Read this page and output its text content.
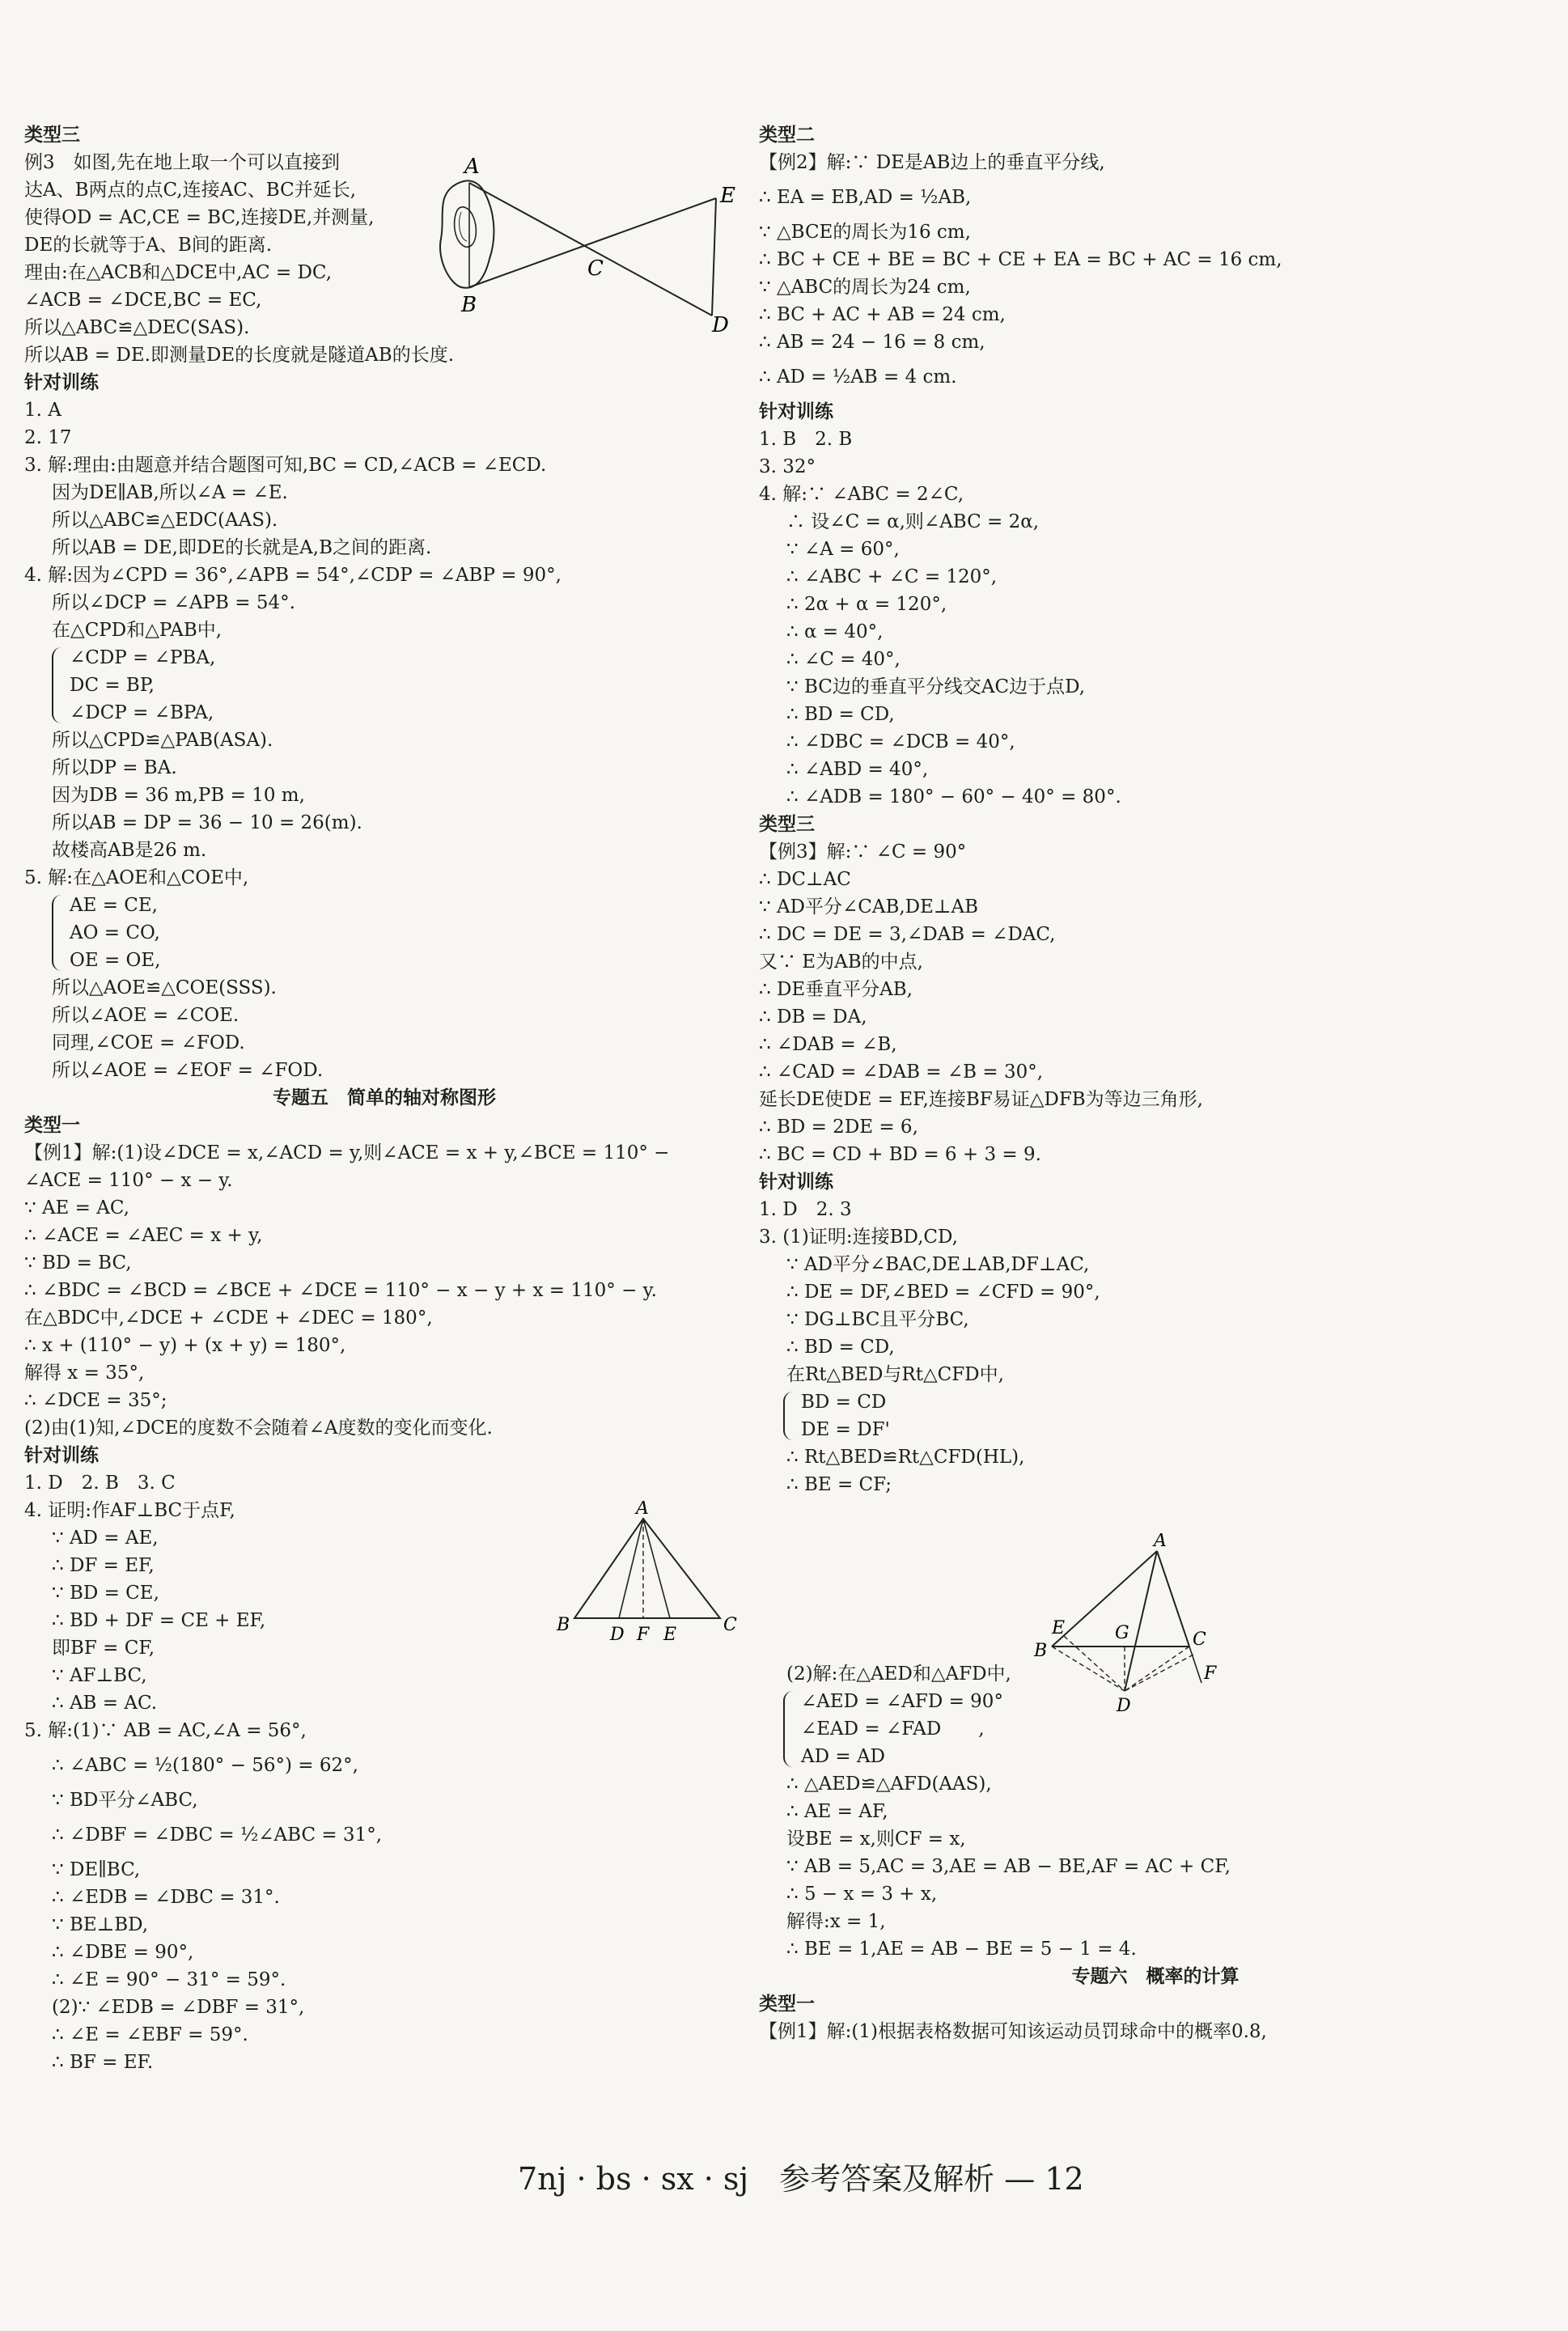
类型三
例3　如图,先在地上取一个可以直接到
达A、B两点的点C,连接AC、BC并延长,
使得OD = AC,CE = BC,连接DE,并测量,
DE的长就等于A、B间的距离.
理由:在△ACB和△DCE中,AC = DC,
∠ACB = ∠DCE,BC = EC,
所以△ABC≌△DEC(SAS).
所以AB = DE.即测量DE的长度就是隧道AB的长度.
针对训练
1. A
2. 17
3. 解:理由:由题意并结合题图可知,BC = CD,∠ACB = ∠ECD.
因为DE∥AB,所以∠A = ∠E.
所以△ABC≌△EDC(AAS).
所以AB = DE,即DE的长就是A,B之间的距离.
4. 解:因为∠CPD = 36°,∠APB = 54°,∠CDP = ∠ABP = 90°,
所以∠DCP = ∠APB = 54°.
在△CPD和△PAB中,
∠CDP = ∠PBA,
DC = BP,
∠DCP = ∠BPA,
所以△CPD≌△PAB(ASA).
所以DP = BA.
因为DB = 36 m,PB = 10 m,
所以AB = DP = 36 − 10 = 26(m).
故楼高AB是26 m.
5. 解:在△AOE和△COE中,
AE = CE,
AO = CO,
OE = OE,
所以△AOE≌△COE(SSS).
所以∠AOE = ∠COE.
同理,∠COE = ∠FOD.
所以∠AOE = ∠EOF = ∠FOD.
专题五　简单的轴对称图形
类型一
【例1】解:(1)设∠DCE = x,∠ACD = y,则∠ACE = x + y,∠BCE = 110° −
∠ACE = 110° − x − y.
∵ AE = AC,
∴ ∠ACE = ∠AEC = x + y,
∵ BD = BC,
∴ ∠BDC = ∠BCD = ∠BCE + ∠DCE = 110° − x − y + x = 110° − y.
在△BDC中,∠DCE + ∠CDE + ∠DEC = 180°,
∴ x + (110° − y) + (x + y) = 180°,
解得 x = 35°,
∴ ∠DCE = 35°;
(2)由(1)知,∠DCE的度数不会随着∠A度数的变化而变化.
针对训练
1. D　2. B　3. C
4. 证明:作AF⊥BC于点F,
∵ AD = AE,
∴ DF = EF,
∵ BD = CE,
∴ BD + DF = CE + EF,
即BF = CF,
∵ AF⊥BC,
∴ AB = AC.
5. 解:(1)∵ AB = AC,∠A = 56°,
∴ ∠ABC = ½(180° − 56°) = 62°,
∵ BD平分∠ABC,
∴ ∠DBF = ∠DBC = ½∠ABC = 31°,
∵ DE∥BC,
∴ ∠EDB = ∠DBC = 31°.
∵ BE⊥BD,
∴ ∠DBE = 90°,
∴ ∠E = 90° − 31° = 59°.
(2)∵ ∠EDB = ∠DBF = 31°,
∴ ∠E = ∠EBF = 59°.
∴ BF = EF.
类型二
【例2】解:∵ DE是AB边上的垂直平分线,
∴ EA = EB,AD = ½AB,
∵ △BCE的周长为16 cm,
∴ BC + CE + BE = BC + CE + EA = BC + AC = 16 cm,
∵ △ABC的周长为24 cm,
∴ BC + AC + AB = 24 cm,
∴ AB = 24 − 16 = 8 cm,
∴ AD = ½AB = 4 cm.
针对训练
1. B　2. B
3. 32°
4. 解:∵ ∠ABC = 2∠C,
∴ 设∠C = α,则∠ABC = 2α,
∵ ∠A = 60°,
∴ ∠ABC + ∠C = 120°,
∴ 2α + α = 120°,
∴ α = 40°,
∴ ∠C = 40°,
∵ BC边的垂直平分线交AC边于点D,
∴ BD = CD,
∴ ∠DBC = ∠DCB = 40°,
∴ ∠ABD = 40°,
∴ ∠ADB = 180° − 60° − 40° = 80°.
类型三
【例3】解:∵ ∠C = 90°
∴ DC⊥AC
∵ AD平分∠CAB,DE⊥AB
∴ DC = DE = 3,∠DAB = ∠DAC,
又∵ E为AB的中点,
∴ DE垂直平分AB,
∴ DB = DA,
∴ ∠DAB = ∠B,
∴ ∠CAD = ∠DAB = ∠B = 30°,
延长DE使DE = EF,连接BF易证△DFB为等边三角形,
∴ BD = 2DE = 6,
∴ BC = CD + BD = 6 + 3 = 9.
针对训练
1. D　2. 3
3. (1)证明:连接BD,CD,
∵ AD平分∠BAC,DE⊥AB,DF⊥AC,
∴ DE = DF,∠BED = ∠CFD = 90°,
∵ DG⊥BC且平分BC,
∴ BD = CD,
在Rt△BED与Rt△CFD中,
BD = CD
DE = DF'
∴ Rt△BED≌Rt△CFD(HL),
∴ BE = CF;
(2)解:在△AED和△AFD中,
∠AED = ∠AFD = 90°
∠EAD = ∠FAD　　,
AD = AD
∴ △AED≌△AFD(AAS),
∴ AE = AF,
设BE = x,则CF = x,
∵ AB = 5,AC = 3,AE = AB − BE,AF = AC + CF,
∴ 5 − x = 3 + x,
解得:x = 1,
∴ BE = 1,AE = AB − BE = 5 − 1 = 4.
专题六　概率的计算
类型一
【例1】解:(1)根据表格数据可知该运动员罚球命中的概率0.8,
A
B
C
D
E
A
B D F E	C
A
E
B
G	C
F
D
7nj · bs · sx · sj　参考答案及解析 — 12
